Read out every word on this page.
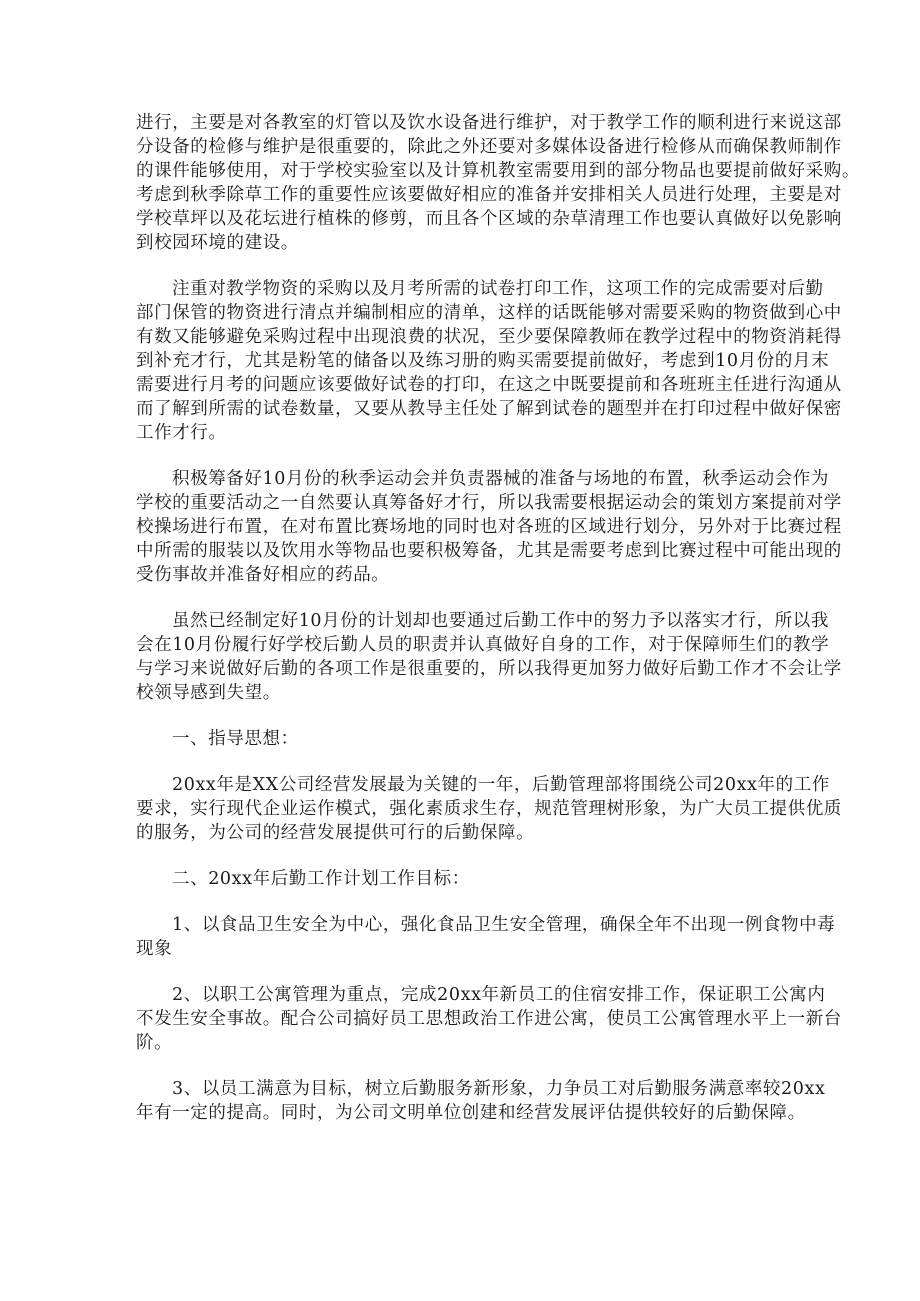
进行，主要是对各教室的灯管以及饮水设备进行维护，对于教学工作的顺利进行来说这部
分设备的检修与维护是很重要的，除此之外还要对多媒体设备进行检修从而确保教师制作
的课件能够使用，对于学校实验室以及计算机教室需要用到的部分物品也要提前做好采购。
考虑到秋季除草工作的重要性应该要做好相应的准备并安排相关人员进行处理，主要是对
学校草坪以及花坛进行植株的修剪，而且各个区域的杂草清理工作也要认真做好以免影响
到校园环境的建设。
注重对教学物资的采购以及月考所需的试卷打印工作，这项工作的完成需要对后勤
部门保管的物资进行清点并编制相应的清单，这样的话既能够对需要采购的物资做到心中
有数又能够避免采购过程中出现浪费的状况，至少要保障教师在教学过程中的物资消耗得
到补充才行，尤其是粉笔的储备以及练习册的购买需要提前做好，考虑到10月份的月末
需要进行月考的问题应该要做好试卷的打印，在这之中既要提前和各班班主任进行沟通从
而了解到所需的试卷数量，又要从教导主任处了解到试卷的题型并在打印过程中做好保密
工作才行。
积极筹备好10月份的秋季运动会并负责器械的准备与场地的布置，秋季运动会作为
学校的重要活动之一自然要认真筹备好才行，所以我需要根据运动会的策划方案提前对学
校操场进行布置，在对布置比赛场地的同时也对各班的区域进行划分，另外对于比赛过程
中所需的服装以及饮用水等物品也要积极筹备，尤其是需要考虑到比赛过程中可能出现的
受伤事故并准备好相应的药品。
虽然已经制定好10月份的计划却也要通过后勤工作中的努力予以落实才行，所以我
会在10月份履行好学校后勤人员的职责并认真做好自身的工作，对于保障师生们的教学
与学习来说做好后勤的各项工作是很重要的，所以我得更加努力做好后勤工作才不会让学
校领导感到失望。
一、指导思想：
20xx年是XX公司经营发展最为关键的一年，后勤管理部将围绕公司20xx年的工作
要求，实行现代企业运作模式，强化素质求生存，规范管理树形象，为广大员工提供优质
的服务，为公司的经营发展提供可行的后勤保障。
二、20xx年后勤工作计划工作目标：
1、以食品卫生安全为中心，强化食品卫生安全管理，确保全年不出现一例食物中毒
现象
2、以职工公寓管理为重点，完成20xx年新员工的住宿安排工作，保证职工公寓内
不发生安全事故。配合公司搞好员工思想政治工作进公寓，使员工公寓管理水平上一新台
阶。
3、以员工满意为目标，树立后勤服务新形象，力争员工对后勤服务满意率较20xx
年有一定的提高。同时，为公司文明单位创建和经营发展评估提供较好的后勤保障。
